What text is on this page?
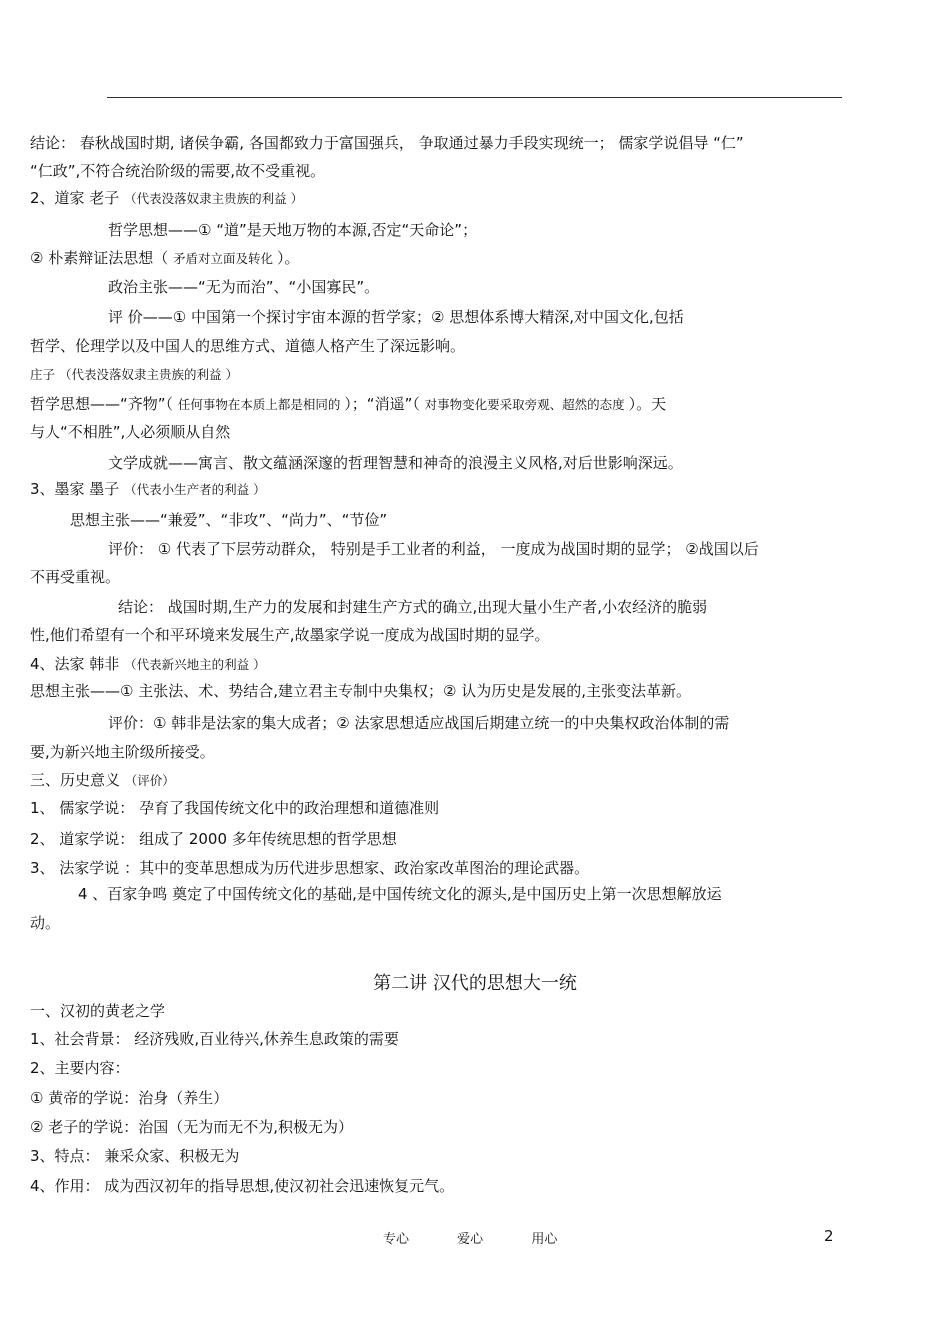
结论： 春秋战国时期, 诸侯争霸, 各国都致力于富国强兵， 争取通过暴力手段实现统一； 儒家学说倡导 “仁”
“仁政”,不符合统治阶级的需要,故不受重视。
2、道家 老子 （代表没落奴隶主贵族的利益 ）
哲学思想——① “道”是天地万物的本源,否定“天命论”；
② 朴素辩证法思想（ 矛盾对立面及转化 ）。
政治主张——“无为而治”、“小国寡民”。
评 价——① 中国第一个探讨宇宙本源的哲学家；② 思想体系博大精深,对中国文化,包括
哲学、伦理学以及中国人的思维方式、道德人格产生了深远影响。
庄子 （代表没落奴隶主贵族的利益 ）
哲学思想——“齐物”（ 任何事物在本质上都是相同的 ）；“消遥”（ 对事物变化要采取旁观、超然的态度 ）。天
与人“不相胜”,人必须顺从自然
文学成就——寓言、散文蕴涵深邃的哲理智慧和神奇的浪漫主义风格,对后世影响深远。
3、墨家 墨子 （代表小生产者的利益 ）
思想主张——“兼爱”、“非攻”、“尚力”、“节俭”
评价： ① 代表了下层劳动群众， 特别是手工业者的利益， 一度成为战国时期的显学； ②战国以后
不再受重视。
结论： 战国时期,生产力的发展和封建生产方式的确立,出现大量小生产者,小农经济的脆弱
性,他们希望有一个和平环境来发展生产,故墨家学说一度成为战国时期的显学。
4、法家 韩非 （代表新兴地主的利益 ）
思想主张——① 主张法、术、势结合,建立君主专制中央集权；② 认为历史是发展的,主张变法革新。
评价：① 韩非是法家的集大成者；② 法家思想适应战国后期建立统一的中央集权政治体制的需
要,为新兴地主阶级所接受。
三、历史意义 （评价）
1、 儒家学说： 孕育了我国传统文化中的政治理想和道德准则
2、 道家学说： 组成了 2000 多年传统思想的哲学思想
3、 法家学说 ：其中的变革思想成为历代进步思想家、政治家改革图治的理论武器。
4 、百家争鸣 奠定了中国传统文化的基础,是中国传统文化的源头,是中国历史上第一次思想解放运
动。
第二讲 汉代的思想大一统
一、汉初的黄老之学
1、社会背景： 经济残败,百业待兴,休养生息政策的需要
2、主要内容：
① 黄帝的学说：治身（养生）
② 老子的学说：治国（无为而无不为,积极无为）
3、特点： 兼采众家、积极无为
4、作用： 成为西汉初年的指导思想,使汉初社会迅速恢复元气。
专心	爱心	用心	2
